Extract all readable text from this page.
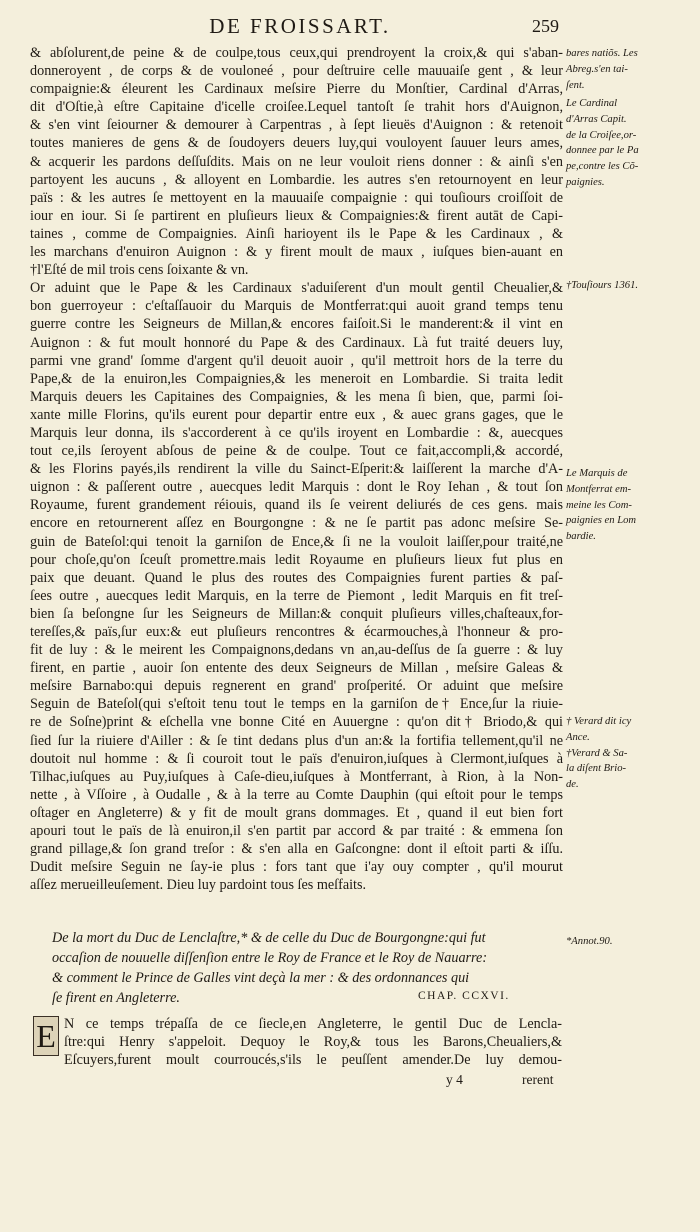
DE FROISSART.	259
& abſolurent,de peine & de coulpe,tous ceux,qui prendroyent la croix,& qui s'aban-
donneroyent , de corps & de vouloneé , pour deſtruire celle mauuaiſe gent , & leur
compaignie:& éleurent les Cardinaux meſsire Pierre du Monſtier, Cardinal d'Arras,
dit d'Oſtie,à eſtre Capitaine d'icelle croiſee.Lequel tantoſt ſe trahit hors d'Auignon,
& s'en vint ſeiourner & demourer à Carpentras , à ſept lieuës d'Auignon : & retenoit
toutes manieres de gens & de ſoudoyers deuers luy,qui vouloyent ſauuer leurs ames,
& acquerir les pardons deſſuſdits. Mais on ne leur vouloit riens donner : & ainſi s'en
partoyent les aucuns , & alloyent en Lombardie. les autres s'en retournoyent en leur
païs : & les autres ſe mettoyent en la mauuaiſe compaignie : qui touſiours croiſſoit de
iour en iour. Si ſe partirent en pluſieurs lieux & Compaignies:& firent autāt de Capi-
taines , comme de Compaignies. Ainſi harioyent ils le Pape & les Cardinaux , &
les marchans d'enuiron Auignon : & y firent moult de maux , iuſques bien-auant en
†l'Eſté de mil trois cens ſoixante & vn.
Or aduint que le Pape & les Cardinaux s'aduiſerent d'un moult gentil Cheualier,&
bon guerroyeur : c'eſtaſſauoir du Marquis de Montferrat:qui auoit grand temps tenu
guerre contre les Seigneurs de Millan,& encores faiſoit.Si le manderent:& il vint en
Auignon : & fut moult honnoré du Pape & des Cardinaux. Là fut traité deuers luy,
parmi vne grand' ſomme d'argent qu'il deuoit auoir , qu'il mettroit hors de la terre du
Pape,& de la enuiron,les Compaignies,& les meneroit en Lombardie. Si traita ledit
Marquis deuers les Capitaines des Compaignies, & les mena ſi bien, que, parmi ſoi-
xante mille Florins, qu'ils eurent pour departir entre eux , & auec grans gages, que le
Marquis leur donna, ils s'accorderent à ce qu'ils iroyent en Lombardie : &, auecques
tout ce,ils ſeroyent abſous de peine & de coulpe. Tout ce fait,accompli,& accordé,
& les Florins payés,ils rendirent la ville du Sainct-Eſperit:& laiſſerent la marche d'A-
uignon : & paſſerent outre , auecques ledit Marquis : dont le Roy Iehan , & tout ſon
Royaume, furent grandement réiouis, quand ils ſe veirent deliurés de ces gens. mais
encore en retournerent aſſez en Bourgongne : & ne ſe partit pas adonc meſsire Se-
guin de Bateſol:qui tenoit la garniſon de Ence,& ſi ne la vouloit laiſſer,pour traité,ne
pour choſe,qu'on ſceuſt promettre.mais ledit Royaume en pluſieurs lieux fut plus en
paix que deuant. Quand le plus des routes des Compaignies furent parties & paſ-
ſees outre , auecques ledit Marquis, en la terre de Piemont , ledit Marquis en fit treſ-
bien ſa beſongne ſur les Seigneurs de Millan:& conquit pluſieurs villes,chaſteaux,for-
tereſſes,& païs,ſur eux:& eut pluſieurs rencontres & écarmouches,à l'honneur & pro-
fit de luy : & le meirent les Compaignons,dedans vn an,au-deſſus de ſa guerre : & luy
firent, en partie , auoir ſon entente des deux Seigneurs de Millan , meſsire Galeas &
meſsire Barnabo:qui depuis regnerent en grand' proſperité. Or aduint que meſsire
Seguin de Bateſol(qui s'eſtoit tenu tout le temps en la garniſon de† Ence,ſur la riuie-
re de Soſne)print & eſchella vne bonne Cité en Auuergne : qu'on dit† Briodo,& qui
ſied ſur la riuiere d'Ailler : & ſe tint dedans plus d'un an:& la fortifia tellement,qu'il ne
doutoit nul homme : & ſi couroit tout le païs d'enuiron,iuſques à Clermont,iuſques à
Tilhac,iuſques au Puy,iuſques à Caſe-dieu,iuſques à Montferrant, à Rion, à la Non-
nette , à Vſſoire , à Oudalle , & à la terre au Comte Dauphin (qui eſtoit pour le temps
oſtager en Angleterre) & y fit de moult grans dommages. Et , quand il eut bien fort
apouri tout le païs de là enuiron,il s'en partit par accord & par traité : & emmena ſon
grand pillage,& ſon grand treſor : & s'en alla en Gaſcongne: dont il eſtoit parti & iſſu.
Dudit meſsire Seguin ne ſay-ie plus : fors tant que i'ay ouy compter , qu'il mourut
aſſez merueilleuſement. Dieu luy pardoint tous ſes meſfaits.
bares natiõs. Les
Abreg.s'en tai-
ſent.
Le Cardinal
d'Arras Capit.
de la Croiſee,or-
donnee par le Pa
pe,contre les Cõ-
paignies.
†Touſiours 1361.
Le Marquis de
Montferrat em-
meine les Com-
paignies en Lom
bardie.
† Verard dit icy
Ance.
†Verard & Sa-
la diſent Brio-
de.
*Annot.90.
De la mort du Duc de Lenclaſtre,* & de celle du Duc de Bourgongne:qui fut
occaſion de nouuelle diſſenſion entre le Roy de France et le Roy de Nauarre:
& comment le Prince de Galles vint deçà la mer : & des ordonnances qui
ſe firent en Angleterre.	CHAP. CCXVI.
E N ce temps trépaſſa de ce ſiecle,en Angleterre, le gentil Duc de Lencla-
ſtre:qui Henry s'appeloit. Dequoy le Roy,& tous les Barons,Cheualiers,&
Eſcuyers,furent moult courroucés,s'ils le peuſſent amender.De luy demou-
y 4	rerent
